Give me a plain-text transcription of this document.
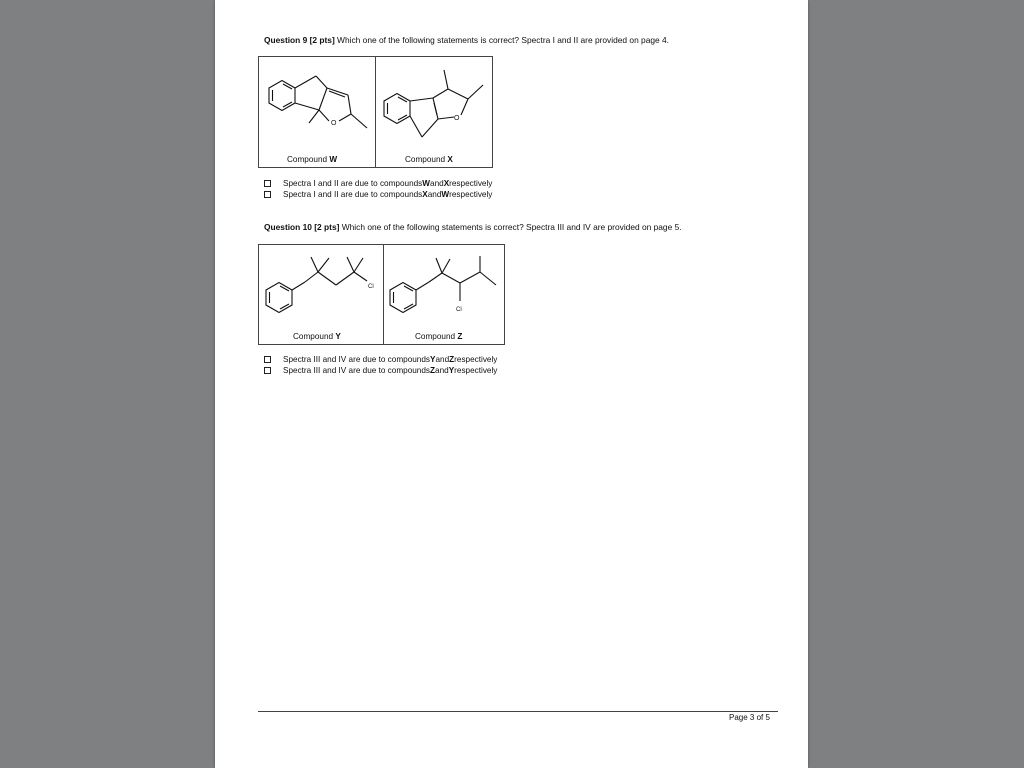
Question 9 [2 pts] Which one of the following statements is correct? Spectra I and II are provided on page 4.
O
Compound W
O
Compound X
Spectra I and II are due to compounds W and X respectively
Spectra I and II are due to compounds X and W respectively
Question 10 [2 pts] Which one of the following statements is correct? Spectra III and IV are provided on page 5.
Cl
Compound Y
Cl
Compound Z
Spectra III and IV are due to compounds Y and Z respectively
Spectra III and IV are due to compounds Z and Y respectively
Page 3 of 5
